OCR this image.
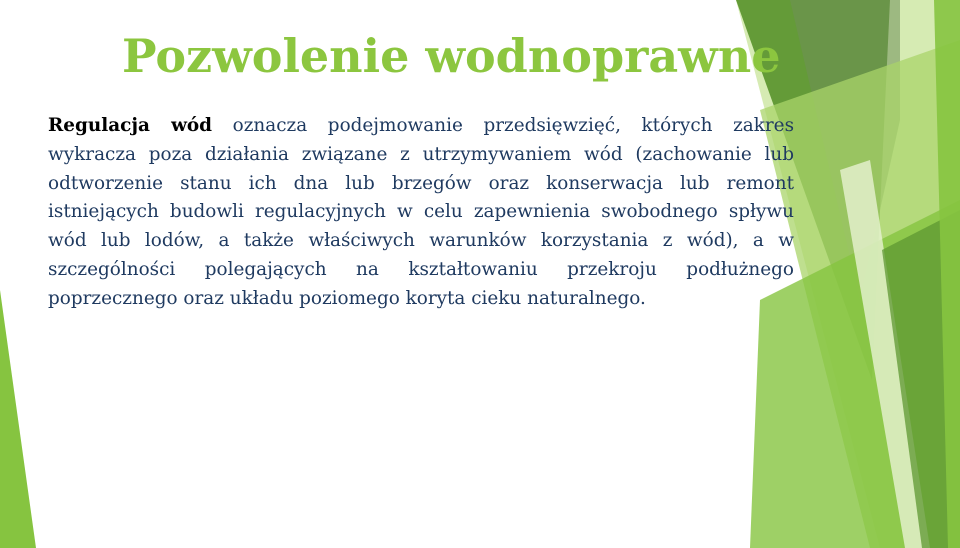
Pozwolenie wodnoprawne

Regulacja wód oznacza podejmowanie przedsięwzięć, których zakres wykracza poza działania związane z utrzymywaniem wód (zachowanie lub odtworzenie stanu ich dna lub brzegów oraz konserwacja lub remont istniejących budowli regulacyjnych w celu zapewnienia swobodnego spływu wód lub lodów, a także właściwych warunków korzystania z wód), a w szczególności polegających na kształtowaniu przekroju podłużnego poprzecznego oraz układu poziomego koryta cieku naturalnego.
